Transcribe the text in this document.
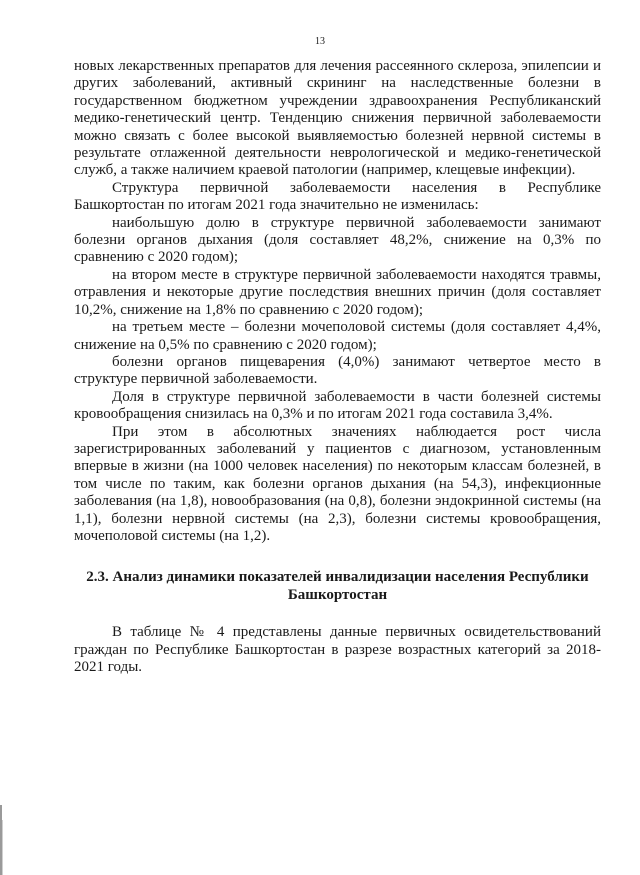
13

новых лекарственных препаратов для лечения рассеянного склероза, эпилепсии и других заболеваний, активный скрининг на наследственные болезни в государственном бюджетном учреждении здравоохранения Республиканский медико-генетический центр. Тенденцию снижения первичной заболеваемости можно связать с более высокой выявляемостью болезней нервной системы в результате отлаженной деятельности неврологической и медико-генетической служб, а также наличием краевой патологии (например, клещевые инфекции).

Структура первичной заболеваемости населения в Республике Башкортостан по итогам 2021 года значительно не изменилась:

наибольшую долю в структуре первичной заболеваемости занимают болезни органов дыхания (доля составляет 48,2%, снижение на 0,3% по сравнению с 2020 годом);

на втором месте в структуре первичной заболеваемости находятся травмы, отравления и некоторые другие последствия внешних причин (доля составляет 10,2%, снижение на 1,8% по сравнению с 2020 годом);

на третьем месте – болезни мочеполовой системы (доля составляет 4,4%, снижение на 0,5% по сравнению с 2020 годом);

болезни органов пищеварения (4,0%) занимают четвертое место в структуре первичной заболеваемости.

Доля в структуре первичной заболеваемости в части болезней системы кровообращения снизилась на 0,3% и по итогам 2021 года составила 3,4%.

При этом в абсолютных значениях наблюдается рост числа зарегистрированных заболеваний у пациентов с диагнозом, установленным впервые в жизни (на 1000 человек населения) по некоторым классам болезней, в том числе по таким, как болезни органов дыхания (на 54,3), инфекционные заболевания (на 1,8), новообразования (на 0,8), болезни эндокринной системы (на 1,1), болезни нервной системы (на 2,3), болезни системы кровообращения, мочеполовой системы (на 1,2).

2.3. Анализ динамики показателей инвалидизации населения Республики Башкортостан

В таблице № 4 представлены данные первичных освидетельствований граждан по Республике Башкортостан в разрезе возрастных категорий за 2018-2021 годы.
